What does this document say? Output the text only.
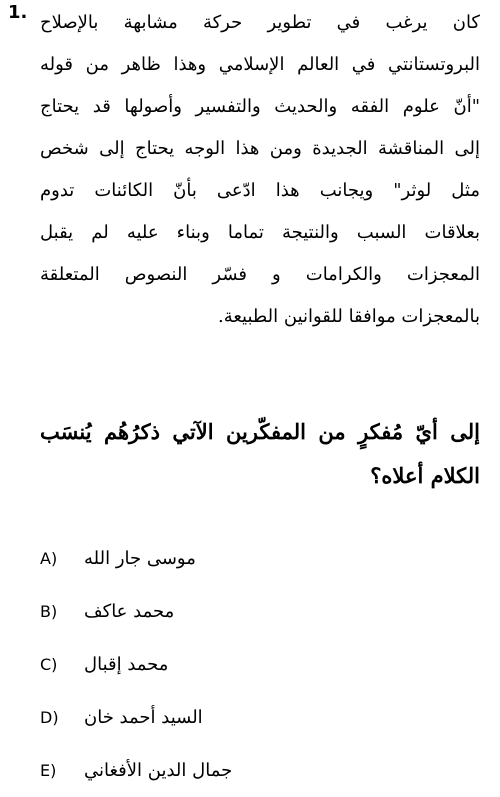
1. كان يرغب في تطوير حركة مشابهة بالإصلاح
البروتستانتي في العالم الإسلامي وهذا ظاهر من قوله
"أنّ علوم الفقه والحديث والتفسير وأصولها قد يحتاج
إلى المناقشة الجديدة ومن هذا الوجه يحتاج إلى شخص
مثل لوثر" ويجانب هذا ادّعى بأنّ الكائنات تدوم
بعلاقات السبب والنتيجة تماما وبناء عليه لم يقبل
المعجزات والكرامات و فسّر النصوص المتعلقة
بالمعجزات موافقا للقوانين الطبيعة.
إلى أيّ مُفكرٍ من المفكّرين الآتي ذكرُهُم يُنسَب
الكلام أعلاه؟
A)	موسى جار الله
B)	محمد عاكف
C)	محمد إقبال
D)	السيد أحمد خان
E)	جمال الدين الأفغاني
